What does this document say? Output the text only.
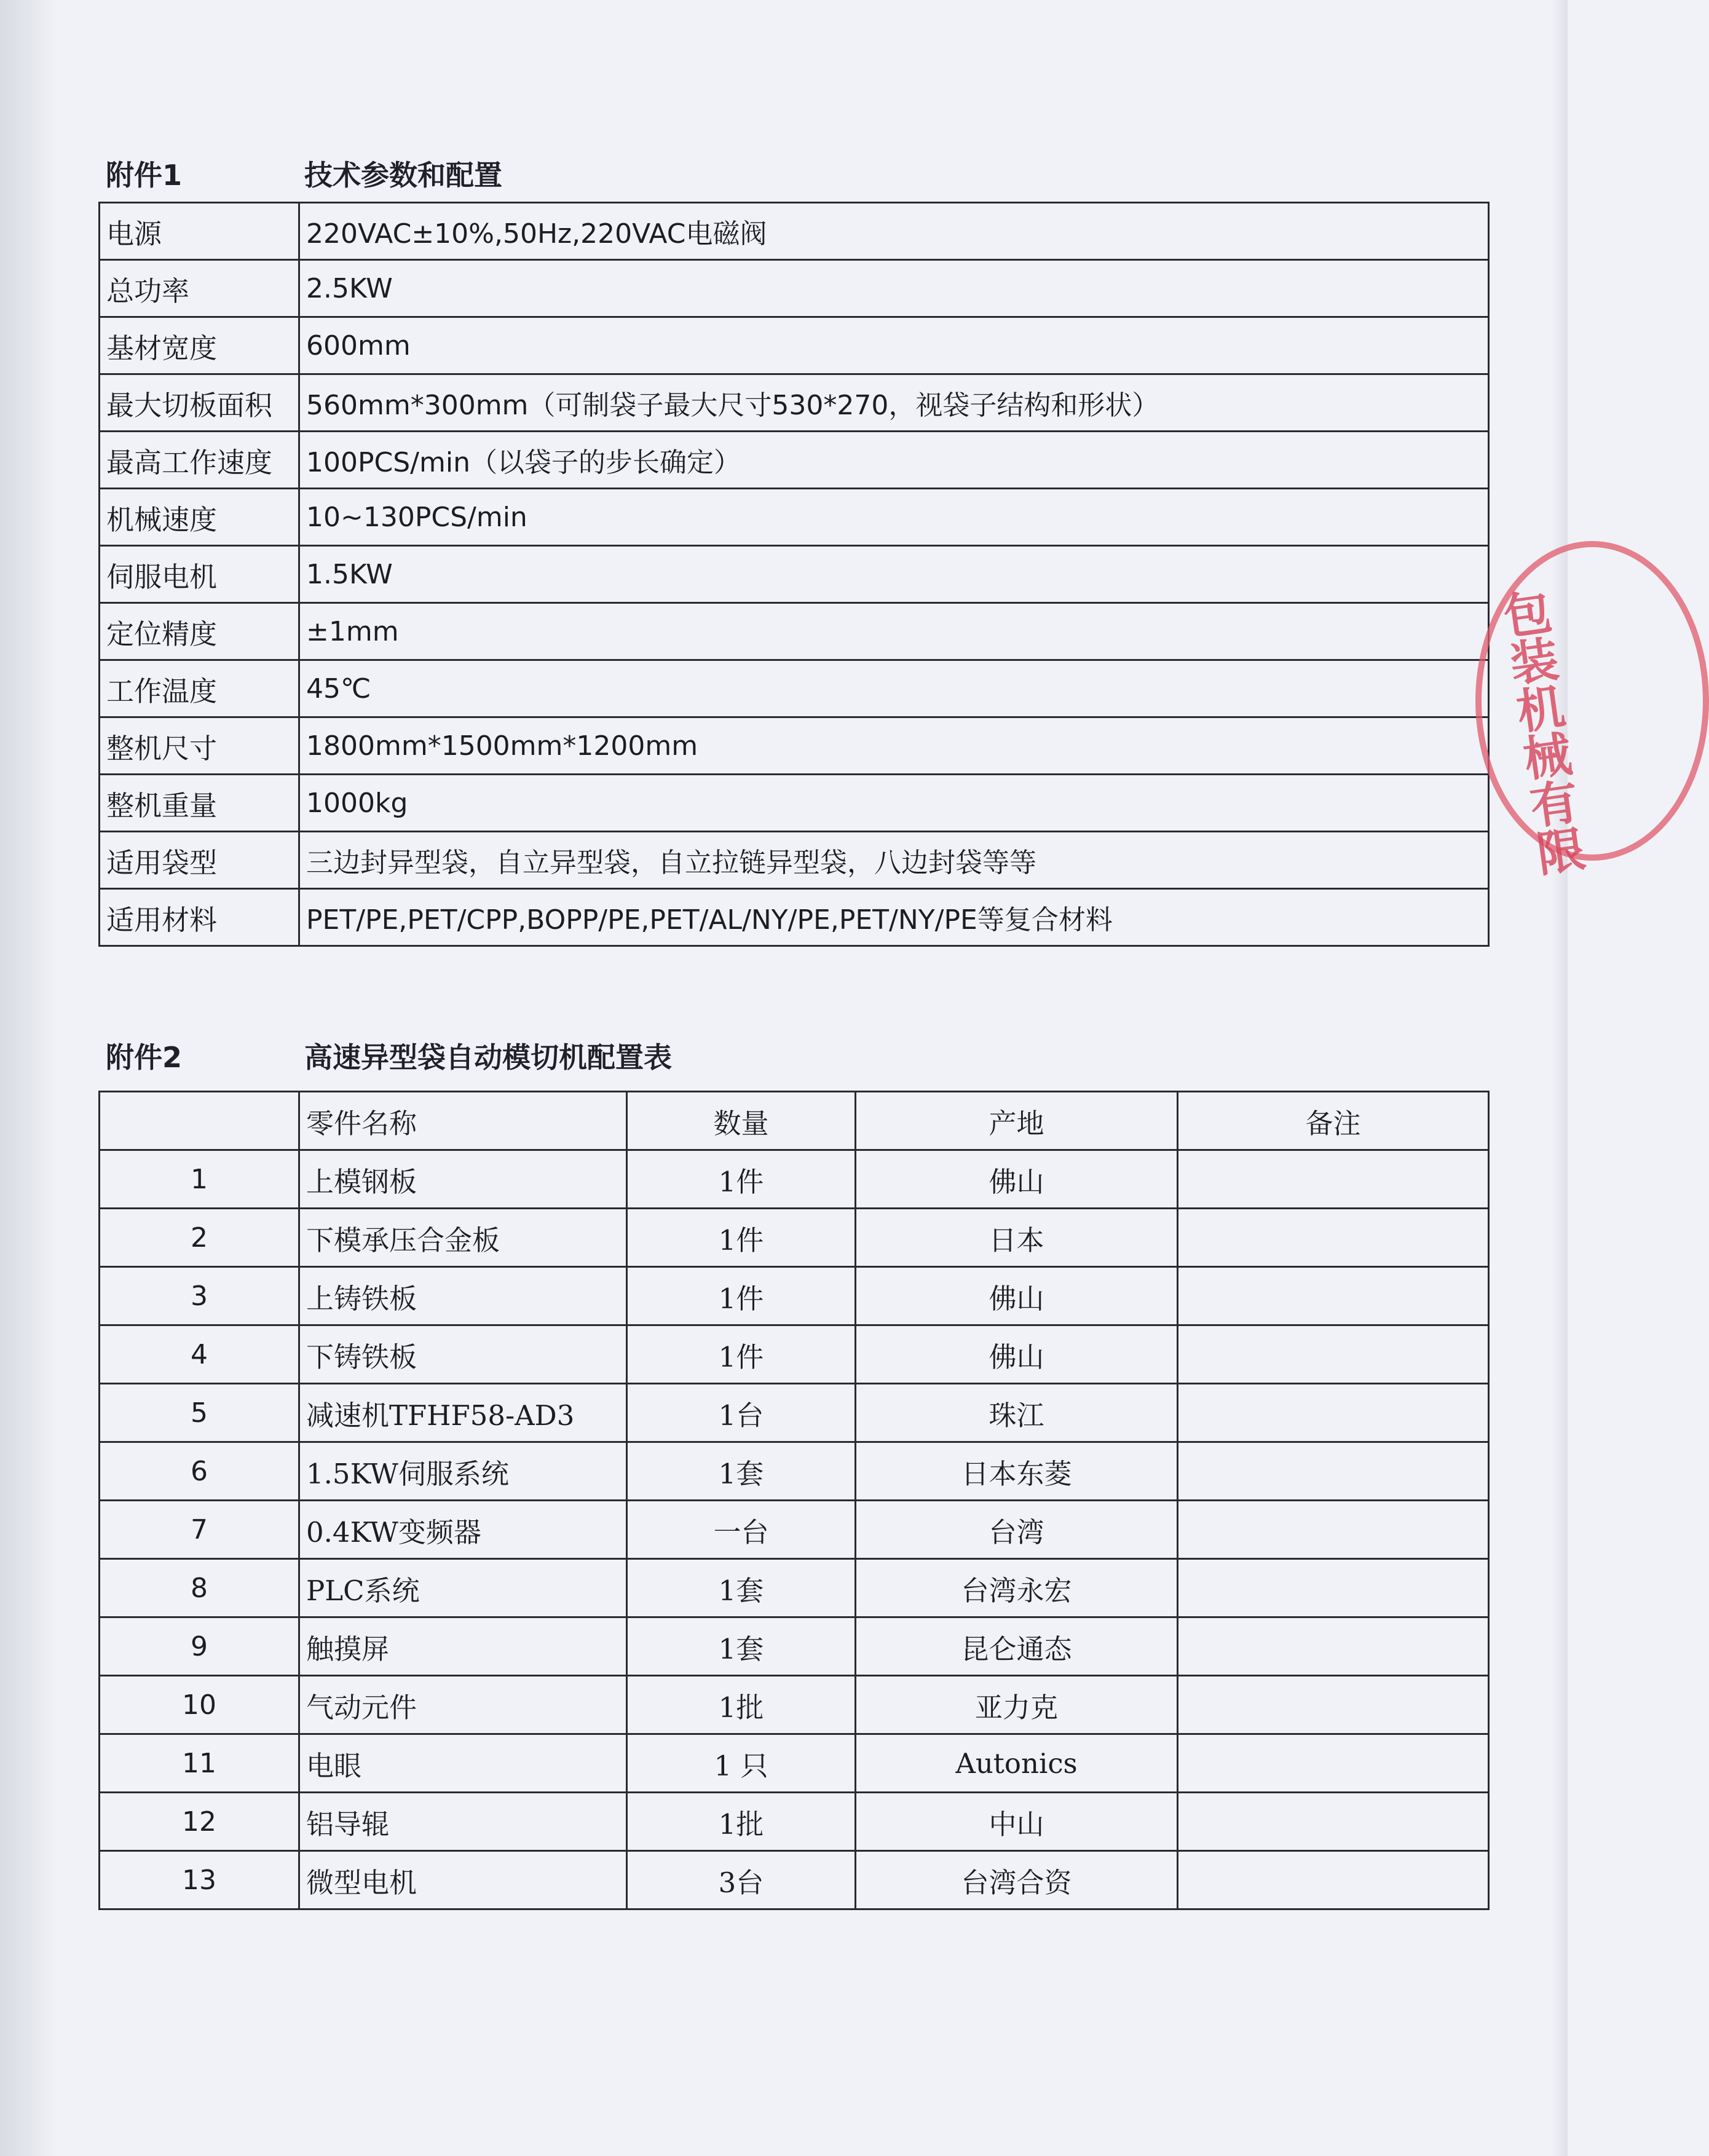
附件1	技术参数和配置
电源	220VAC±10%,50Hz,220VAC电磁阀
总功率	2.5KW
基材宽度	600mm
最大切板面积	560mm*300mm（可制袋子最大尺寸530*270，视袋子结构和形状）
最高工作速度	100PCS/min（以袋子的步长确定）
机械速度	10~130PCS/min
伺服电机	1.5KW
定位精度	±1mm
工作温度	45℃
整机尺寸	1800mm*1500mm*1200mm
整机重量	1000kg
适用袋型	三边封异型袋，自立异型袋，自立拉链异型袋，八边封袋等等
适用材料	PET/PE,PET/CPP,BOPP/PE,PET/AL/NY/PE,PET/NY/PE等复合材料
附件2	高速异型袋自动模切机配置表
	零件名称	数量	产地	备注
1	上模钢板	1件	佛山	
2	下模承压合金板	1件	日本	
3	上铸铁板	1件	佛山	
4	下铸铁板	1件	佛山	
5	减速机TFHF58-AD3	1台	珠江	
6	1.5KW伺服系统	1套	日本东菱	
7	0.4KW变频器	一台	台湾	
8	PLC系统	1套	台湾永宏	
9	触摸屏	1套	昆仑通态	
10	气动元件	1批	亚力克	
11	电眼	1 只	Autonics	
12	铝导辊	1批	中山	
13	微型电机	3台	台湾合资	
包装机械有限
